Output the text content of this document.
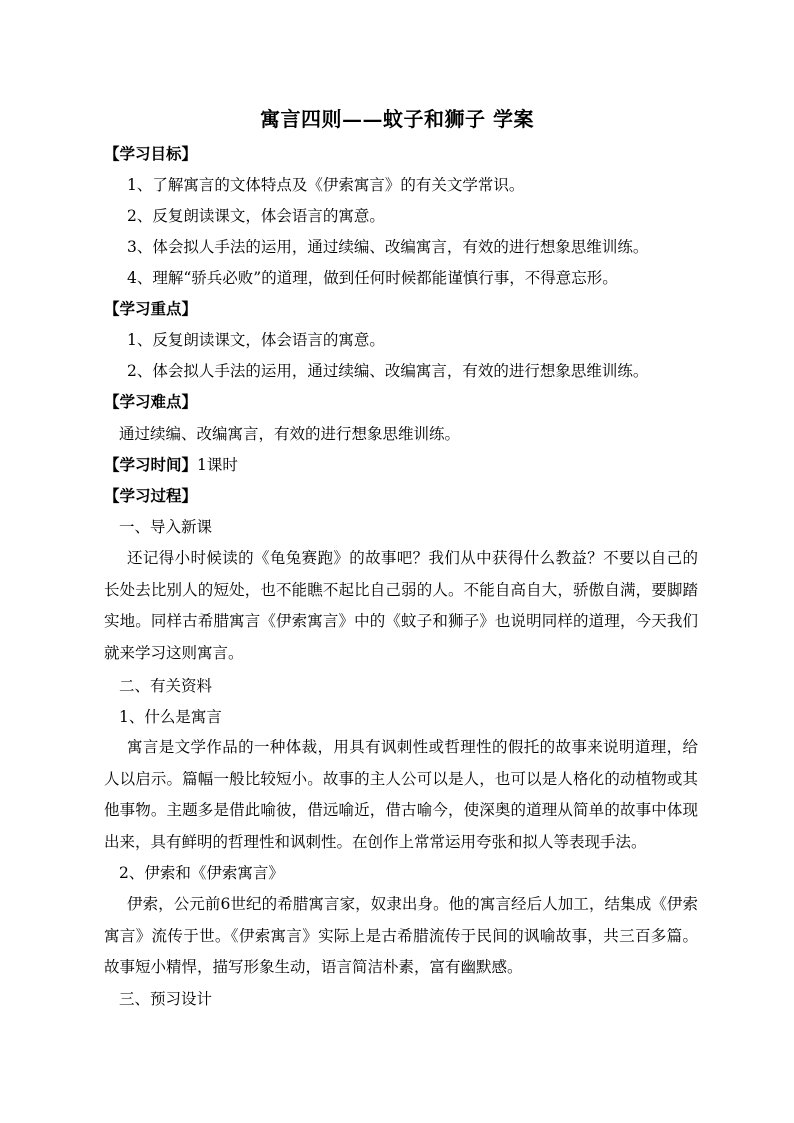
寓言四则——蚊子和狮子 学案
【学习目标】
1、了解寓言的文体特点及《伊索寓言》的有关文学常识。
2、反复朗读课文，体会语言的寓意。
3、体会拟人手法的运用，通过续编、改编寓言，有效的进行想象思维训练。
4、理解“骄兵必败”的道理，做到任何时候都能谨慎行事，不得意忘形。
【学习重点】
1、反复朗读课文，体会语言的寓意。
2、体会拟人手法的运用，通过续编、改编寓言，有效的进行想象思维训练。
【学习难点】
通过续编、改编寓言，有效的进行想象思维训练。
【学习时间】1课时
【学习过程】
一、导入新课
还记得小时候读的《龟兔赛跑》的故事吧？我们从中获得什么教益？不要以自己的长处去比别人的短处，也不能瞧不起比自己弱的人。不能自高自大，骄傲自满，要脚踏实地。同样古希腊寓言《伊索寓言》中的《蚊子和狮子》也说明同样的道理，今天我们就来学习这则寓言。
二、有关资料
1、什么是寓言
寓言是文学作品的一种体裁，用具有讽刺性或哲理性的假托的故事来说明道理，给人以启示。篇幅一般比较短小。故事的主人公可以是人，也可以是人格化的动植物或其他事物。主题多是借此喻彼，借远喻近，借古喻今，使深奥的道理从简单的故事中体现出来，具有鲜明的哲理性和讽刺性。在创作上常常运用夸张和拟人等表现手法。
2、伊索和《伊索寓言》
伊索，公元前6世纪的希腊寓言家，奴隶出身。他的寓言经后人加工，结集成《伊索寓言》流传于世。《伊索寓言》实际上是古希腊流传于民间的讽喻故事，共三百多篇。故事短小精悍，描写形象生动，语言简洁朴素，富有幽默感。
三、预习设计
